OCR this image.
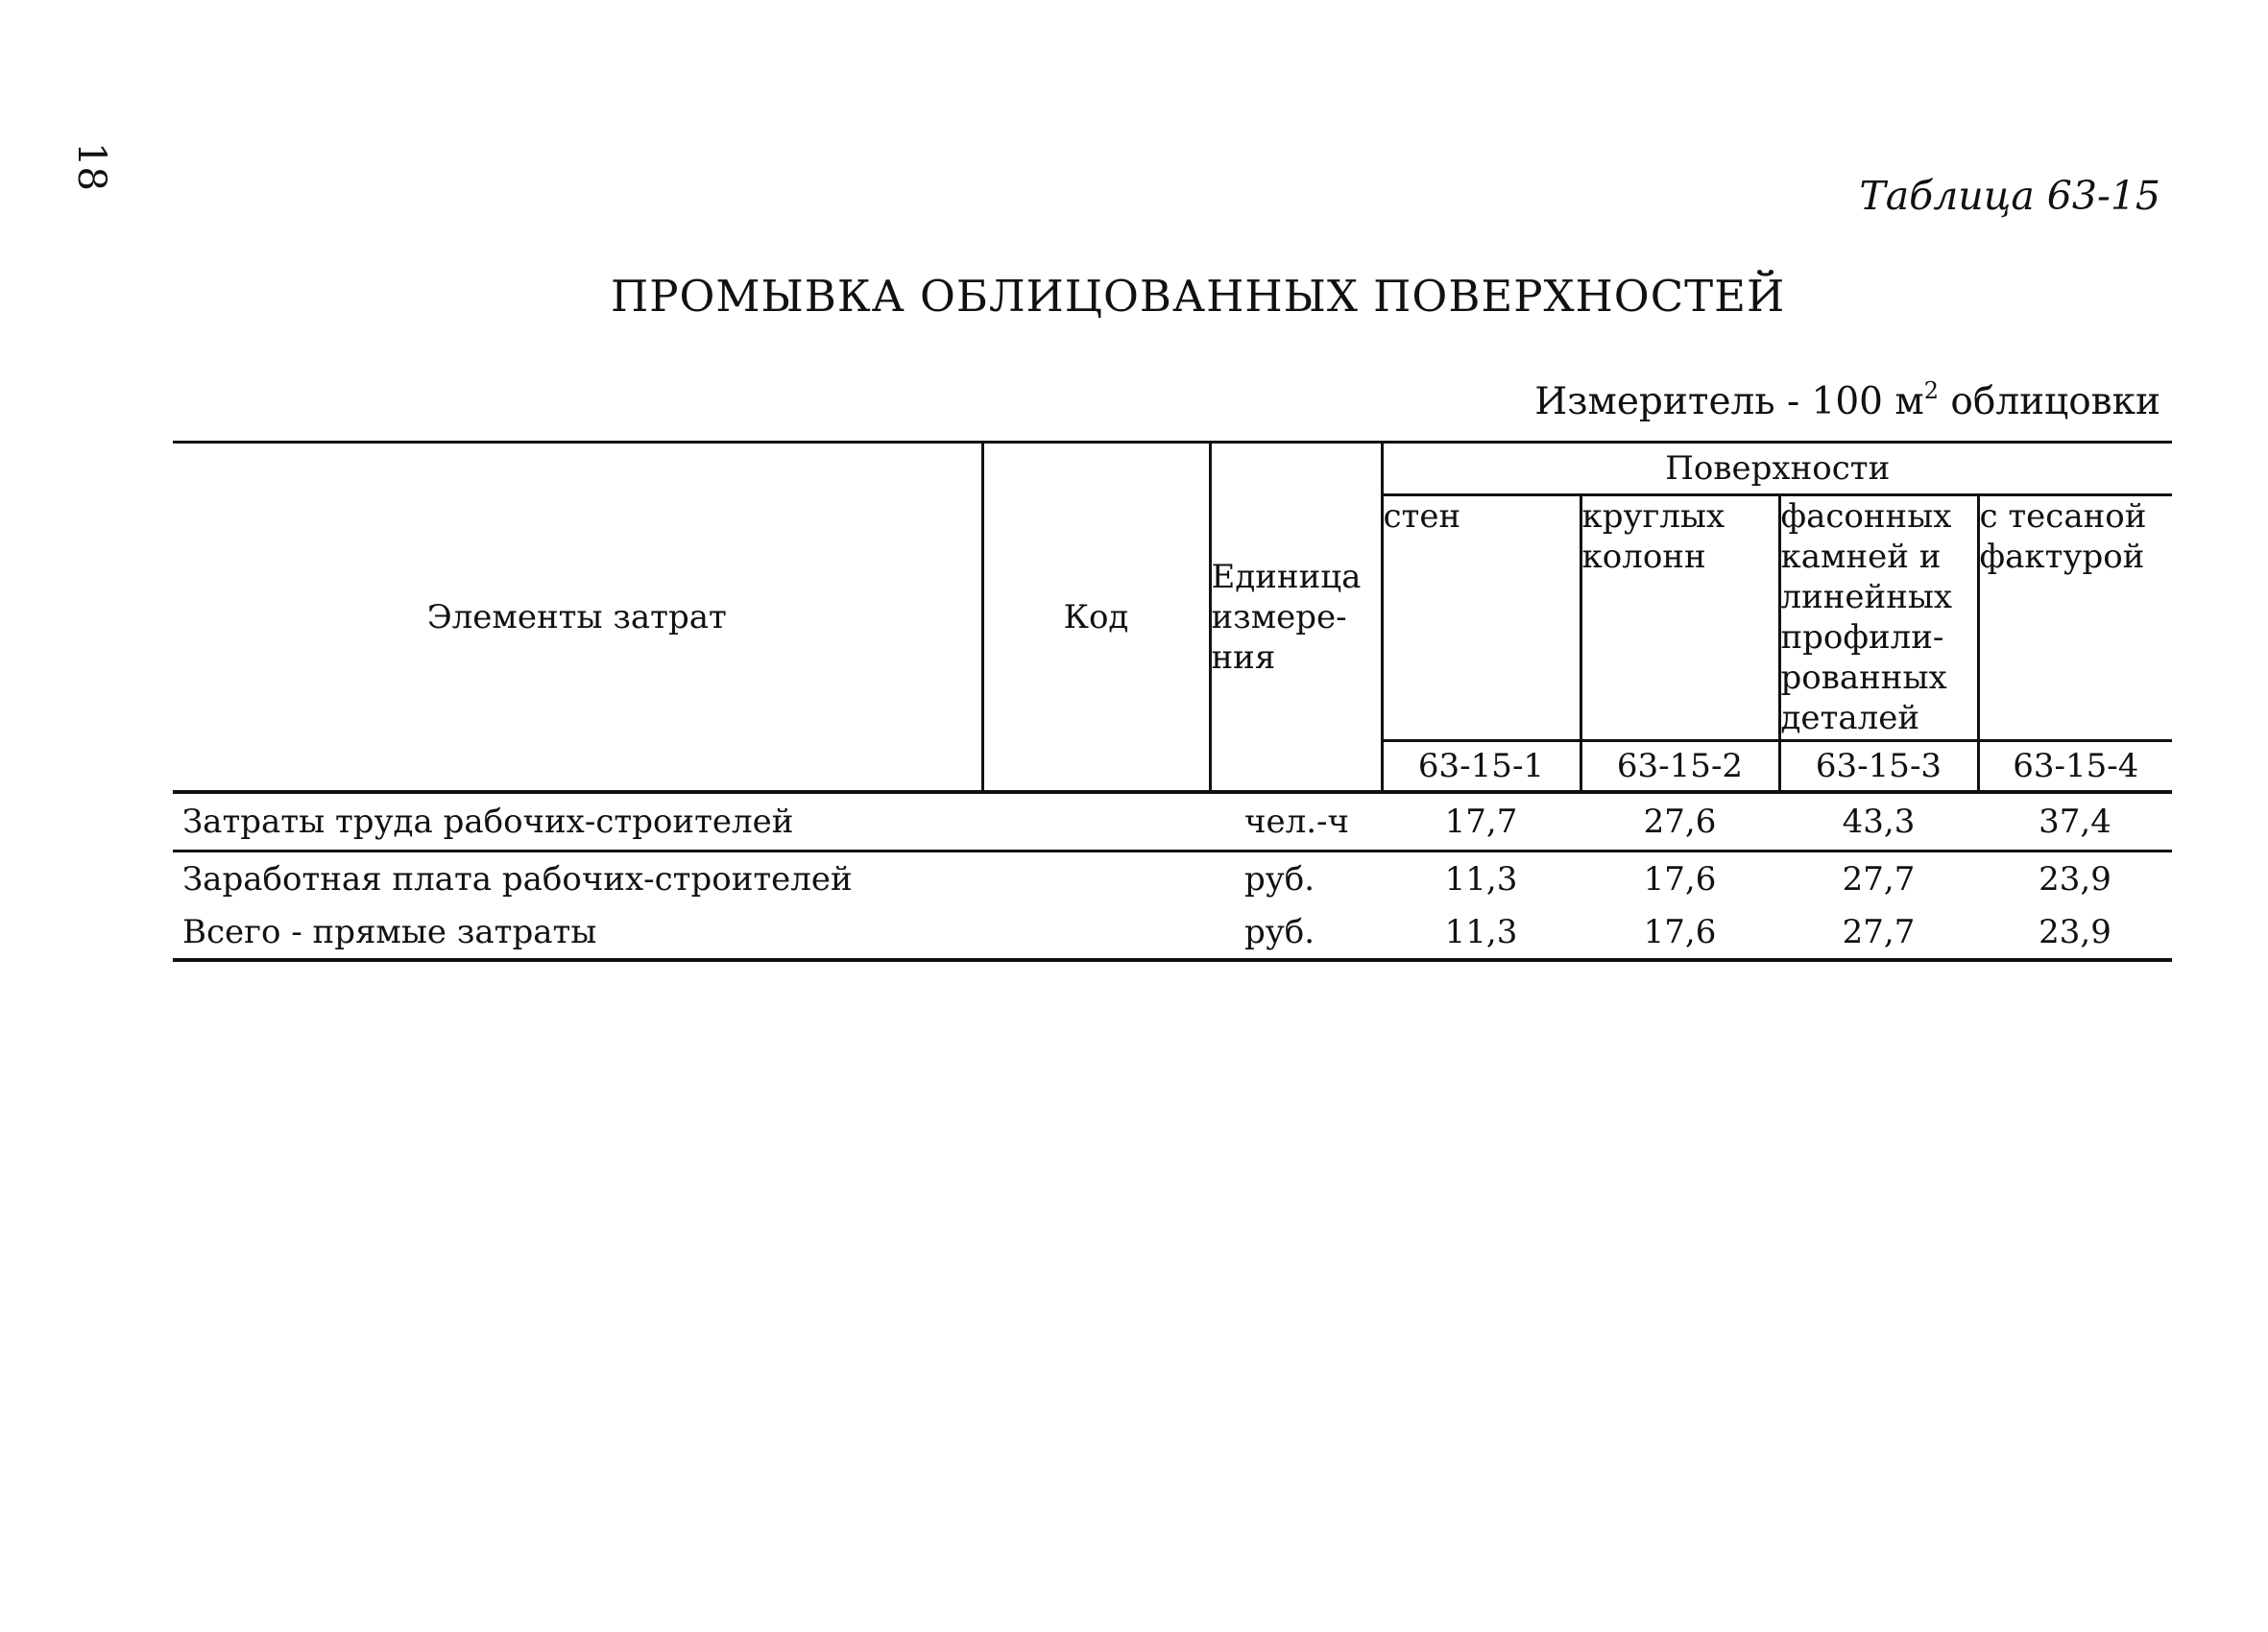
18
Таблица 63-15
ПРОМЫВКА ОБЛИЦОВАННЫХ ПОВЕРХНОСТЕЙ
Измеритель - 100 $м^2$ облицовки
Элементы затрат	Код	Единица измере-ния	Поверхности			
			стен	круглых колонн	фасонных камней и линейных профили-рованных деталей	с тесаной фактурой
			63-15-1	63-15-2	63-15-3	63-15-4
Затраты труда рабочих-строителей		чел.-ч	17,7	27,6	43,3	37,4
Заработная плата рабочих-строителей		руб.	11,3	17,6	27,7	23,9
Всего - прямые затраты		руб.	11,3	17,6	27,7	23,9
